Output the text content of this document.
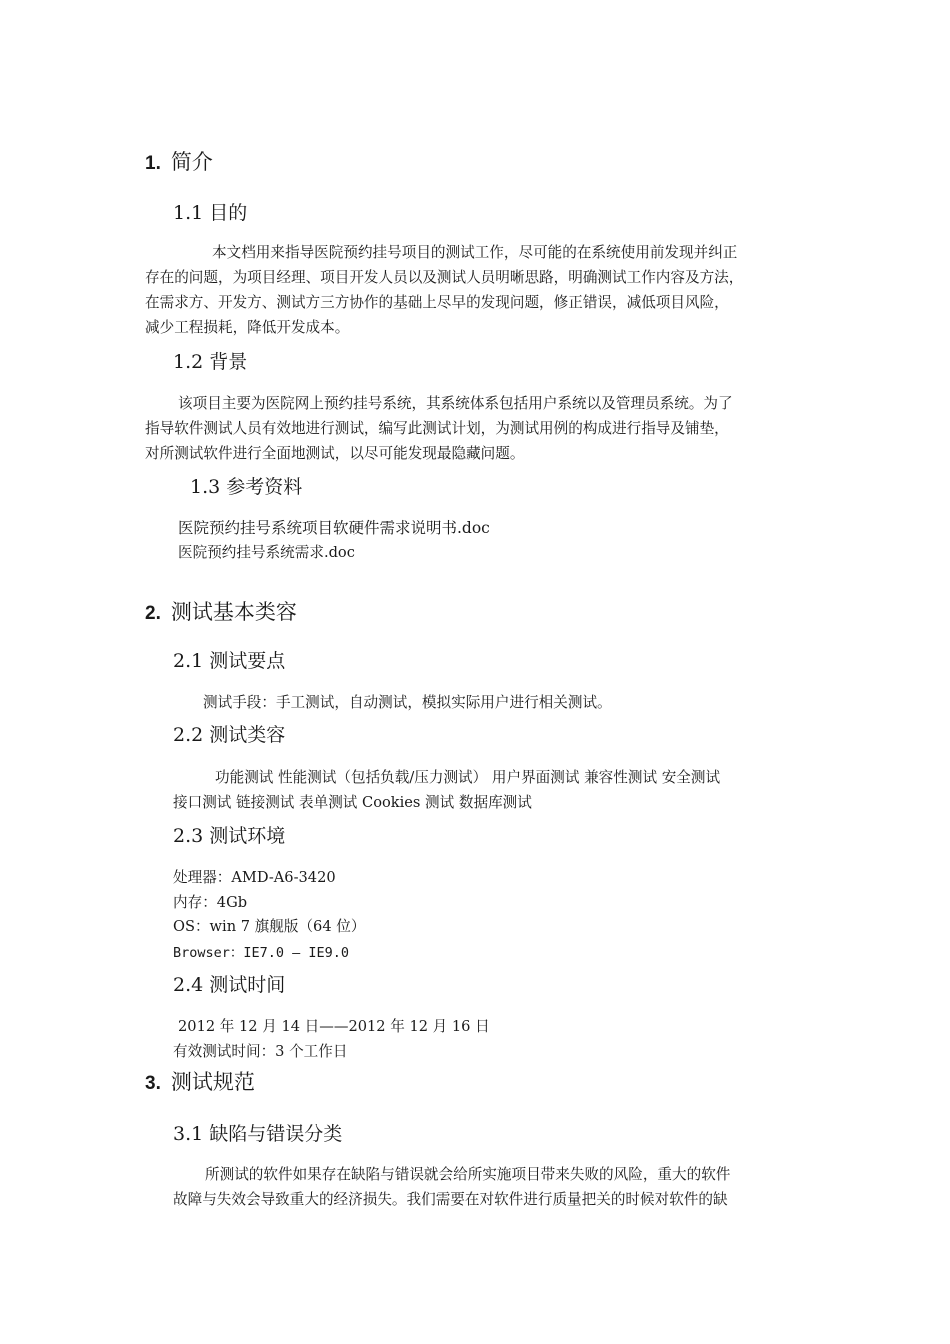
1. 简介
1.1 目的
本文档用来指导医院预约挂号项目的测试工作，尽可能的在系统使用前发现并纠正
存在的问题，为项目经理、项目开发人员以及测试人员明晰思路，明确测试工作内容及方法，
在需求方、开发方、测试方三方协作的基础上尽早的发现问题，修正错误，减低项目风险，
减少工程损耗，降低开发成本。
1.2 背景
该项目主要为医院网上预约挂号系统，其系统体系包括用户系统以及管理员系统。为了
指导软件测试人员有效地进行测试，编写此测试计划，为测试用例的构成进行指导及铺垫，
对所测试软件进行全面地测试，以尽可能发现最隐藏问题。
1.3 参考资料
医院预约挂号系统项目软硬件需求说明书.doc
医院预约挂号系统需求.doc
2. 测试基本类容
2.1 测试要点
测试手段：手工测试，自动测试，模拟实际用户进行相关测试。
2.2 测试类容
功能测试 性能测试（包括负载/压力测试） 用户界面测试 兼容性测试 安全测试
接口测试 链接测试 表单测试 Cookies 测试 数据库测试
2.3 测试环境
处理器：AMD-A6-3420
内存：4Gb
OS：win 7 旗舰版（64 位）
Browser：IE7.0 – IE9.0
2.4 测试时间
2012 年 12 月 14 日——2012 年 12 月 16 日
有效测试时间：3 个工作日
3. 测试规范
3.1 缺陷与错误分类
所测试的软件如果存在缺陷与错误就会给所实施项目带来失败的风险，重大的软件
故障与失效会导致重大的经济损失。我们需要在对软件进行质量把关的时候对软件的缺
